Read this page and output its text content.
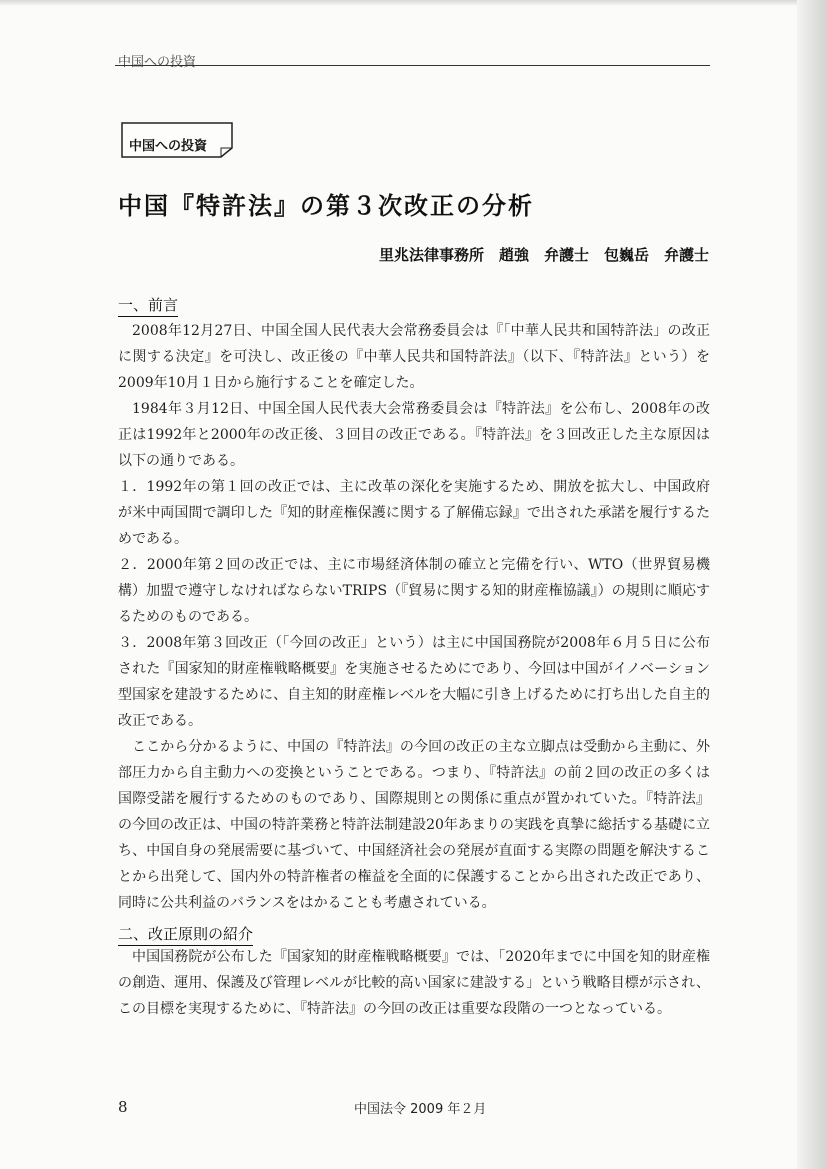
中国への投資
中国への投資
中国『特許法』の第３次改正の分析
里兆法律事務所　趙強　弁護士　包巍岳　弁護士
一、前言

2008年12月27日、中国全国人民代表大会常務委員会は『「中華人民共和国特許法」の改正に関する決定』を可決し、改正後の『中華人民共和国特許法』（以下、『特許法』という）を2009年10月１日から施行することを確定した。

1984年３月12日、中国全国人民代表大会常務委員会は『特許法』を公布し、2008年の改正は1992年と2000年の改正後、３回目の改正である。『特許法』を３回改正した主な原因は以下の通りである。

１．1992年の第１回の改正では、主に改革の深化を実施するため、開放を拡大し、中国政府が米中両国間で調印した『知的財産権保護に関する了解備忘録』で出された承諾を履行するためである。

２．2000年第２回の改正では、主に市場経済体制の確立と完備を行い、WTO（世界貿易機構）加盟で遵守しなければならないTRIPS（『貿易に関する知的財産権協議』）の規則に順応するためのものである。

３．2008年第３回改正（「今回の改正」という）は主に中国国務院が2008年６月５日に公布された『国家知的財産権戦略概要』を実施させるためにであり、今回は中国がイノベーション型国家を建設するために、自主知的財産権レベルを大幅に引き上げるために打ち出した自主的改正である。

ここから分かるように、中国の『特許法』の今回の改正の主な立脚点は受動から主動に、外部圧力から自主動力への変換ということである。つまり、『特許法』の前２回の改正の多くは国際受諾を履行するためのものであり、国際規則との関係に重点が置かれていた。『特許法』の今回の改正は、中国の特許業務と特許法制建設20年あまりの実践を真摯に総括する基礎に立ち、中国自身の発展需要に基づいて、中国経済社会の発展が直面する実際の問題を解決することから出発して、国内外の特許権者の権益を全面的に保護することから出された改正であり、同時に公共利益のバランスをはかることも考慮されている。

二、改正原則の紹介

中国国務院が公布した『国家知的財産権戦略概要』では、「2020年までに中国を知的財産権の創造、運用、保護及び管理レベルが比較的高い国家に建設する」という戦略目標が示され、この目標を実現するために、『特許法』の今回の改正は重要な段階の一つとなっている。

8	中国法令 2009 年２月
